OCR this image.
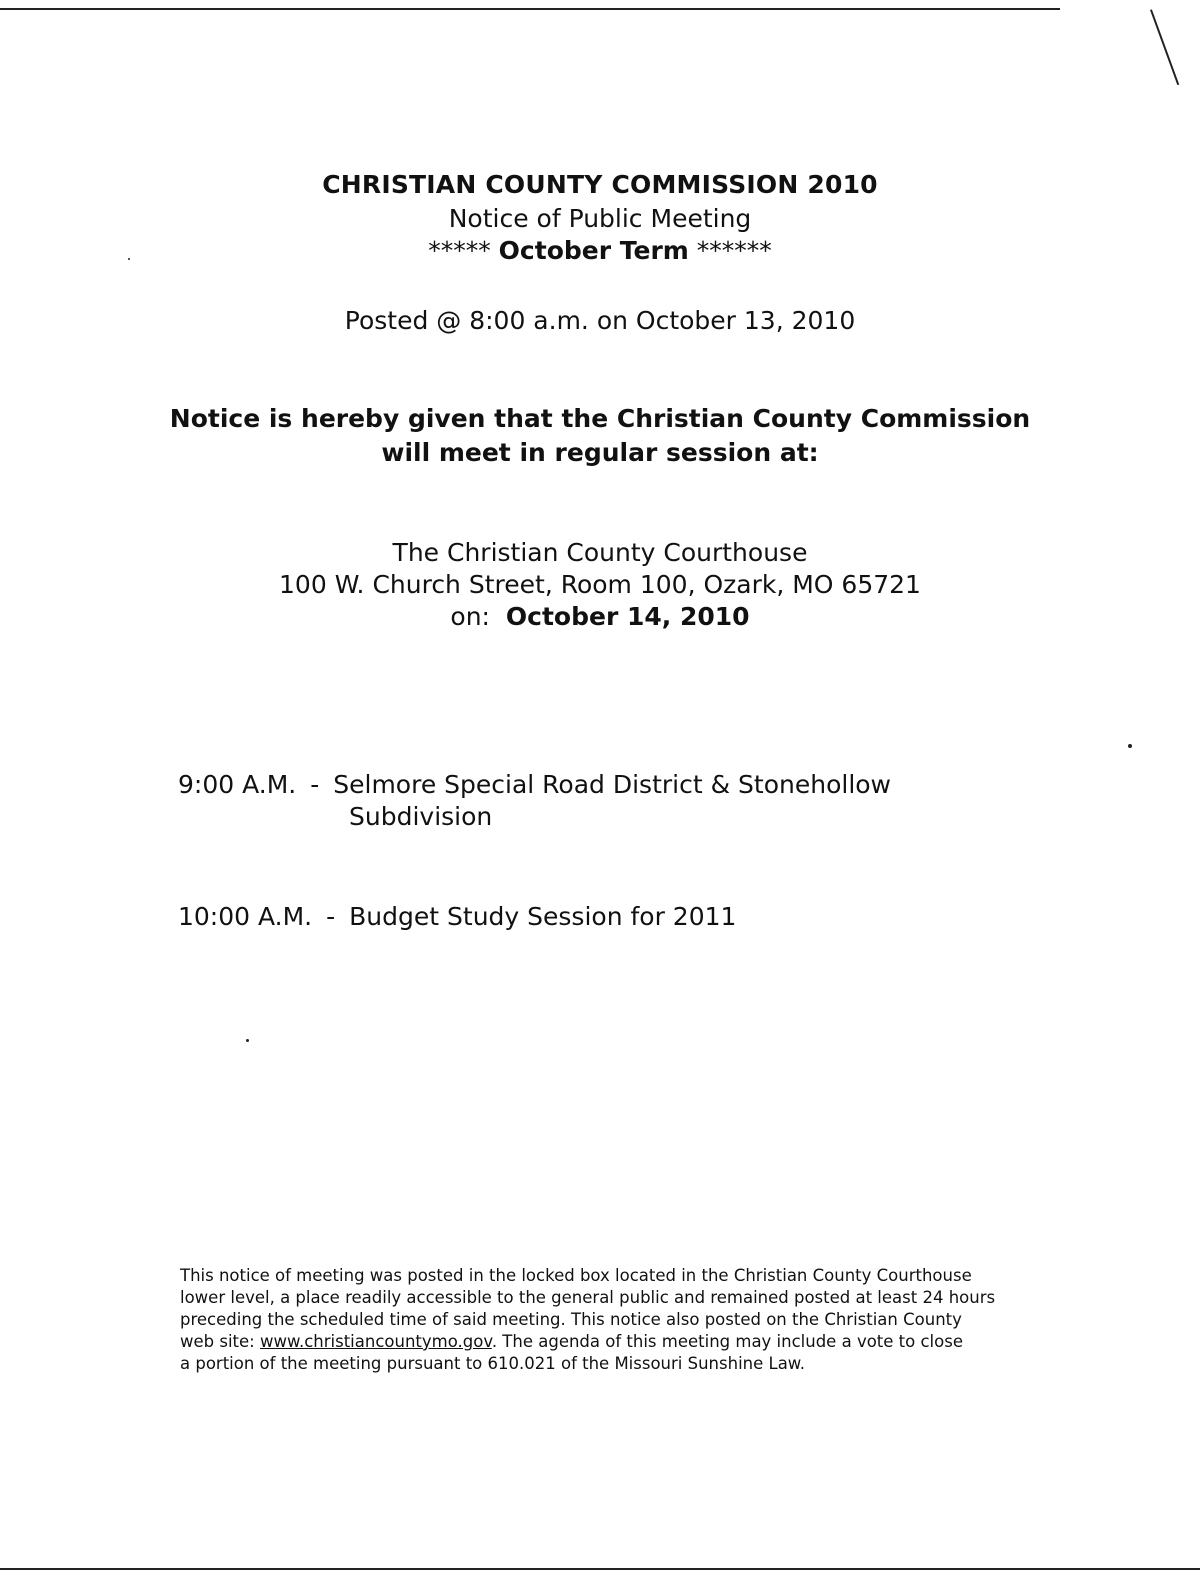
CHRISTIAN COUNTY COMMISSION 2010
Notice of Public Meeting
***** October Term ******
Posted @ 8:00 a.m. on October 13, 2010
Notice is hereby given that the Christian County Commission
will meet in regular session at:
The Christian County Courthouse
100 W. Church Street, Room 100, Ozark, MO 65721
on: October 14, 2010
9:00 A.M. - Selmore Special Road District & Stonehollow
Subdivision
10:00 A.M. - Budget Study Session for 2011
This notice of meeting was posted in the locked box located in the Christian County Courthouse
lower level, a place readily accessible to the general public and remained posted at least 24 hours
preceding the scheduled time of said meeting. This notice also posted on the Christian County
web site: www.christiancountymo.gov. The agenda of this meeting may include a vote to close
a portion of the meeting pursuant to 610.021 of the Missouri Sunshine Law.
